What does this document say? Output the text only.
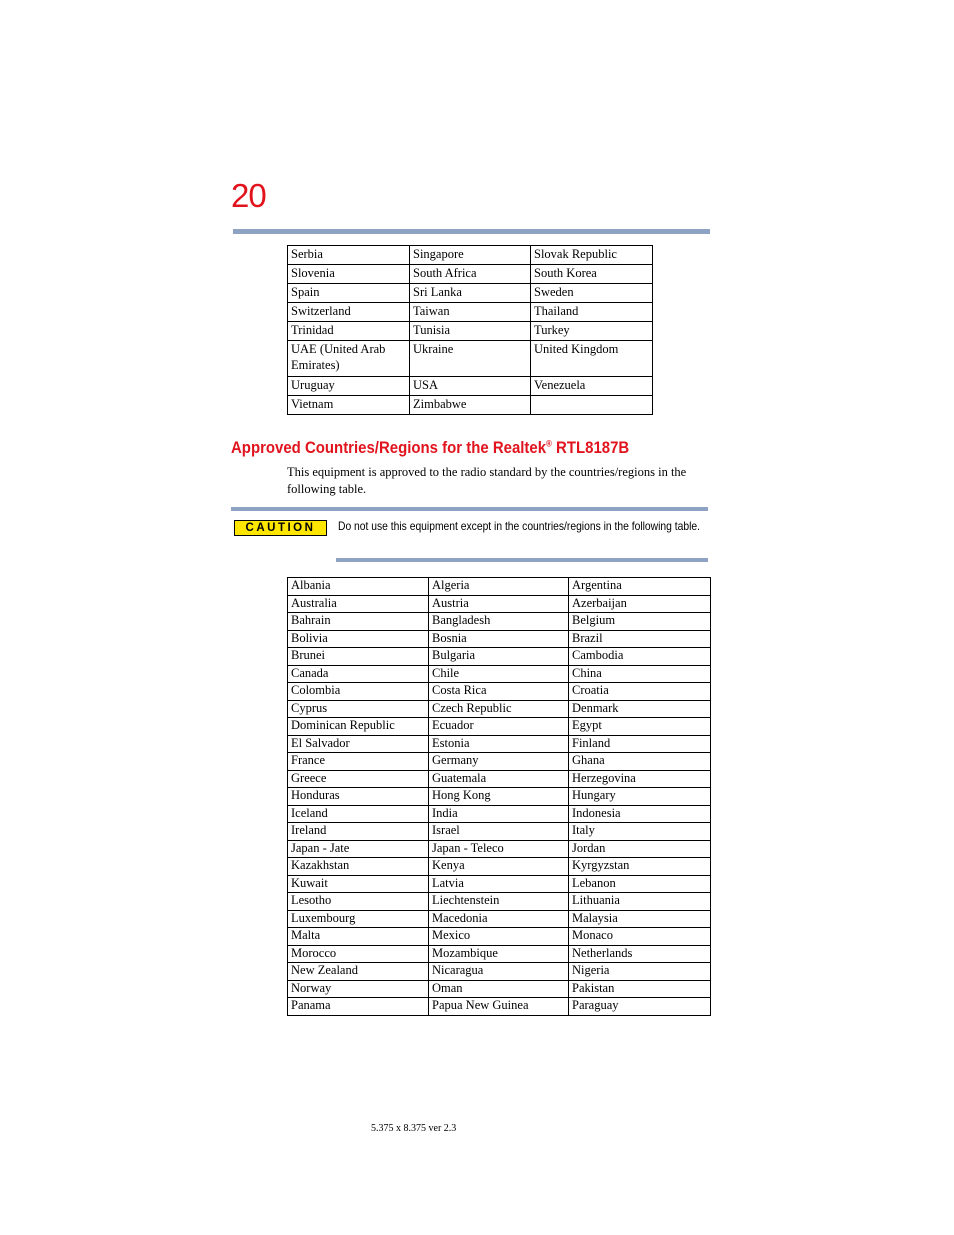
20
Serbia	Singapore	Slovak Republic
Slovenia	South Africa	South Korea
Spain	Sri Lanka	Sweden
Switzerland	Taiwan	Thailand
Trinidad	Tunisia	Turkey
UAE (United Arab Emirates)	Ukraine	United Kingdom
Uruguay	USA	Venezuela
Vietnam	Zimbabwe	
Approved Countries/Regions for the Realtek® RTL8187B

This equipment is approved to the radio standard by the countries/regions in the following table.

CAUTION	Do not use this equipment except in the countries/regions in the following table.

Albania	Algeria	Argentina
Australia	Austria	Azerbaijan
Bahrain	Bangladesh	Belgium
Bolivia	Bosnia	Brazil
Brunei	Bulgaria	Cambodia
Canada	Chile	China
Colombia	Costa Rica	Croatia
Cyprus	Czech Republic	Denmark
Dominican Republic	Ecuador	Egypt
El Salvador	Estonia	Finland
France	Germany	Ghana
Greece	Guatemala	Herzegovina
Honduras	Hong Kong	Hungary
Iceland	India	Indonesia
Ireland	Israel	Italy
Japan - Jate	Japan - Teleco	Jordan
Kazakhstan	Kenya	Kyrgyzstan
Kuwait	Latvia	Lebanon
Lesotho	Liechtenstein	Lithuania
Luxembourg	Macedonia	Malaysia
Malta	Mexico	Monaco
Morocco	Mozambique	Netherlands
New Zealand	Nicaragua	Nigeria
Norway	Oman	Pakistan
Panama	Papua New Guinea	Paraguay
5.375 x 8.375 ver 2.3
